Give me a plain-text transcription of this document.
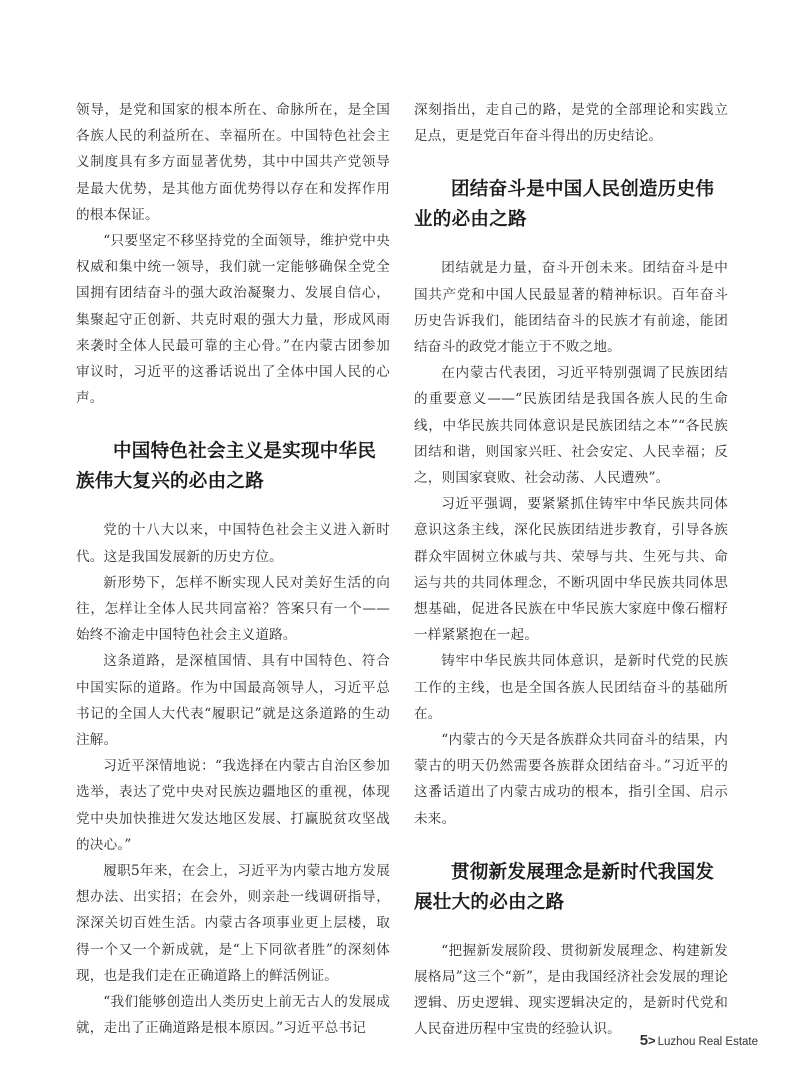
领导，是党和国家的根本所在、命脉所在，是全国各族人民的利益所在、幸福所在。中国特色社会主义制度具有多方面显著优势，其中中国共产党领导是最大优势，是其他方面优势得以存在和发挥作用的根本保证。

“只要坚定不移坚持党的全面领导，维护党中央权威和集中统一领导，我们就一定能够确保全党全国拥有团结奋斗的强大政治凝聚力、发展自信心，集聚起守正创新、共克时艰的强大力量，形成风雨来袭时全体人民最可靠的主心骨。”在内蒙古团参加审议时，习近平的这番话说出了全体中国人民的心声。

中国特色社会主义是实现中华民族伟大复兴的必由之路

党的十八大以来，中国特色社会主义进入新时代。这是我国发展新的历史方位。

新形势下，怎样不断实现人民对美好生活的向往，怎样让全体人民共同富裕？答案只有一个——始终不渝走中国特色社会主义道路。

这条道路，是深植国情、具有中国特色、符合中国实际的道路。作为中国最高领导人，习近平总书记的全国人大代表“履职记”就是这条道路的生动注解。

习近平深情地说：“我选择在内蒙古自治区参加选举，表达了党中央对民族边疆地区的重视，体现党中央加快推进欠发达地区发展、打赢脱贫攻坚战的决心。”

履职5年来，在会上，习近平为内蒙古地方发展想办法、出实招；在会外，则亲赴一线调研指导，深深关切百姓生活。内蒙古各项事业更上层楼，取得一个又一个新成就，是“上下同欲者胜”的深刻体现，也是我们走在正确道路上的鲜活例证。

“我们能够创造出人类历史上前无古人的发展成就，走出了正确道路是根本原因。”习近平总书记

深刻指出，走自己的路，是党的全部理论和实践立足点，更是党百年奋斗得出的历史结论。

团结奋斗是中国人民创造历史伟业的必由之路

团结就是力量，奋斗开创未来。团结奋斗是中国共产党和中国人民最显著的精神标识。百年奋斗历史告诉我们，能团结奋斗的民族才有前途，能团结奋斗的政党才能立于不败之地。

在内蒙古代表团，习近平特别强调了民族团结的重要意义——“民族团结是我国各族人民的生命线，中华民族共同体意识是民族团结之本”“各民族团结和谐，则国家兴旺、社会安定、人民幸福；反之，则国家衰败、社会动荡、人民遭殃”。

习近平强调，要紧紧抓住铸牢中华民族共同体意识这条主线，深化民族团结进步教育，引导各族群众牢固树立休戚与共、荣辱与共、生死与共、命运与共的共同体理念，不断巩固中华民族共同体思想基础，促进各民族在中华民族大家庭中像石榴籽一样紧紧抱在一起。

铸牢中华民族共同体意识，是新时代党的民族工作的主线，也是全国各族人民团结奋斗的基础所在。

“内蒙古的今天是各族群众共同奋斗的结果，内蒙古的明天仍然需要各族群众团结奋斗。”习近平的这番话道出了内蒙古成功的根本，指引全国、启示未来。

贯彻新发展理念是新时代我国发展壮大的必由之路

“把握新发展阶段、贯彻新发展理念、构建新发展格局”这三个“新”，是由我国经济社会发展的理论逻辑、历史逻辑、现实逻辑决定的，是新时代党和人民奋进历程中宝贵的经验认识。

5 > Luzhou Real Estate
